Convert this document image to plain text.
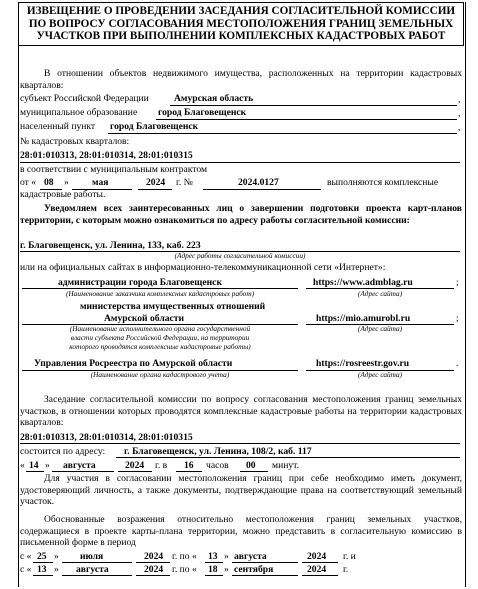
ИЗВЕЩЕНИЕ О ПРОВЕДЕНИИ ЗАСЕДАНИЯ СОГЛАСИТЕЛЬНОЙ КОМИССИИ ПО ВОПРОСУ СОГЛАСОВАНИЯ МЕСТОПОЛОЖЕНИЯ ГРАНИЦ ЗЕМЕЛЬНЫХ УЧАСТКОВ ПРИ ВЫПОЛНЕНИИ КОМПЛЕКСНЫХ КАДАСТРОВЫХ РАБОТ
В отношении объектов недвижимого имущества, расположенных на территории кадастровых кварталов:
субъект Российской Федерации	Амурская область	,
муниципальное образование город Благовещенск	,
населенный пункт город Благовещенск	,
№ кадастровых кварталов:
28:01:010313, 28:01:010314, 28:01:010315
в соответствии с муниципальным контрактом
от « 08 » мая	2024 г. №	2024.0127	выполняются комплексные
кадастровые работы.
Уведомляем всех заинтересованных лиц о завершении подготовки проекта карт-планов территории, с которым можно ознакомиться по адресу работы согласительной комиссии:
г. Благовещенск, ул. Ленина, 133, каб. 223
(Адрес работы согласительной комиссии)
или на официальных сайтах в информационно-телекоммуникационной сети «Интернет»:
администрации города Благовещенск
(Наименование заказчика комплексных кадастровых работ)
https://www.admblag.ru	;
(Адрес сайта)
министерства имущественных отношений
Амурской области
(Наименование исполнительного органа государственной
власти субъекта Российской Федерации, на территории
которого проводятся комплексные кадастровые работы)
https://mio.amurobl.ru	;
(Адрес сайта)
Управления Росреестра по Амурской области
(Наименование органа кадастрового учета)
https://rosreestr.gov.ru	.
(Адрес сайта)
Заседание согласительной комиссии по вопросу согласования местоположения границ земельных участков, в отношении которых проводятся комплексные кадастровые работы на территории кадастровых кварталов:
28:01:010313, 28:01:010314, 28:01:010315
состоится по адресу: г. Благовещенск, ул. Ленина, 108/2, каб. 117
« 14 » августа	2024 г. в 16 часов 00 минут.
Для участия в согласовании местоположения границ при себе необходимо иметь документ, удостоверяющий личность, а также документы, подтверждающие права на соответствующий земельный участок.
Обоснованные возражения относительно местоположения границ земельных участков, содержащиеся в проекте карты-плана территории, можно представить в согласительную комиссию в письменной форме в период
с « 25 » июля	2024 г. по « 13 » августа	2024 г. и
с « 13 » августа	2024 г. по « 18 » сентября	2024 г.
